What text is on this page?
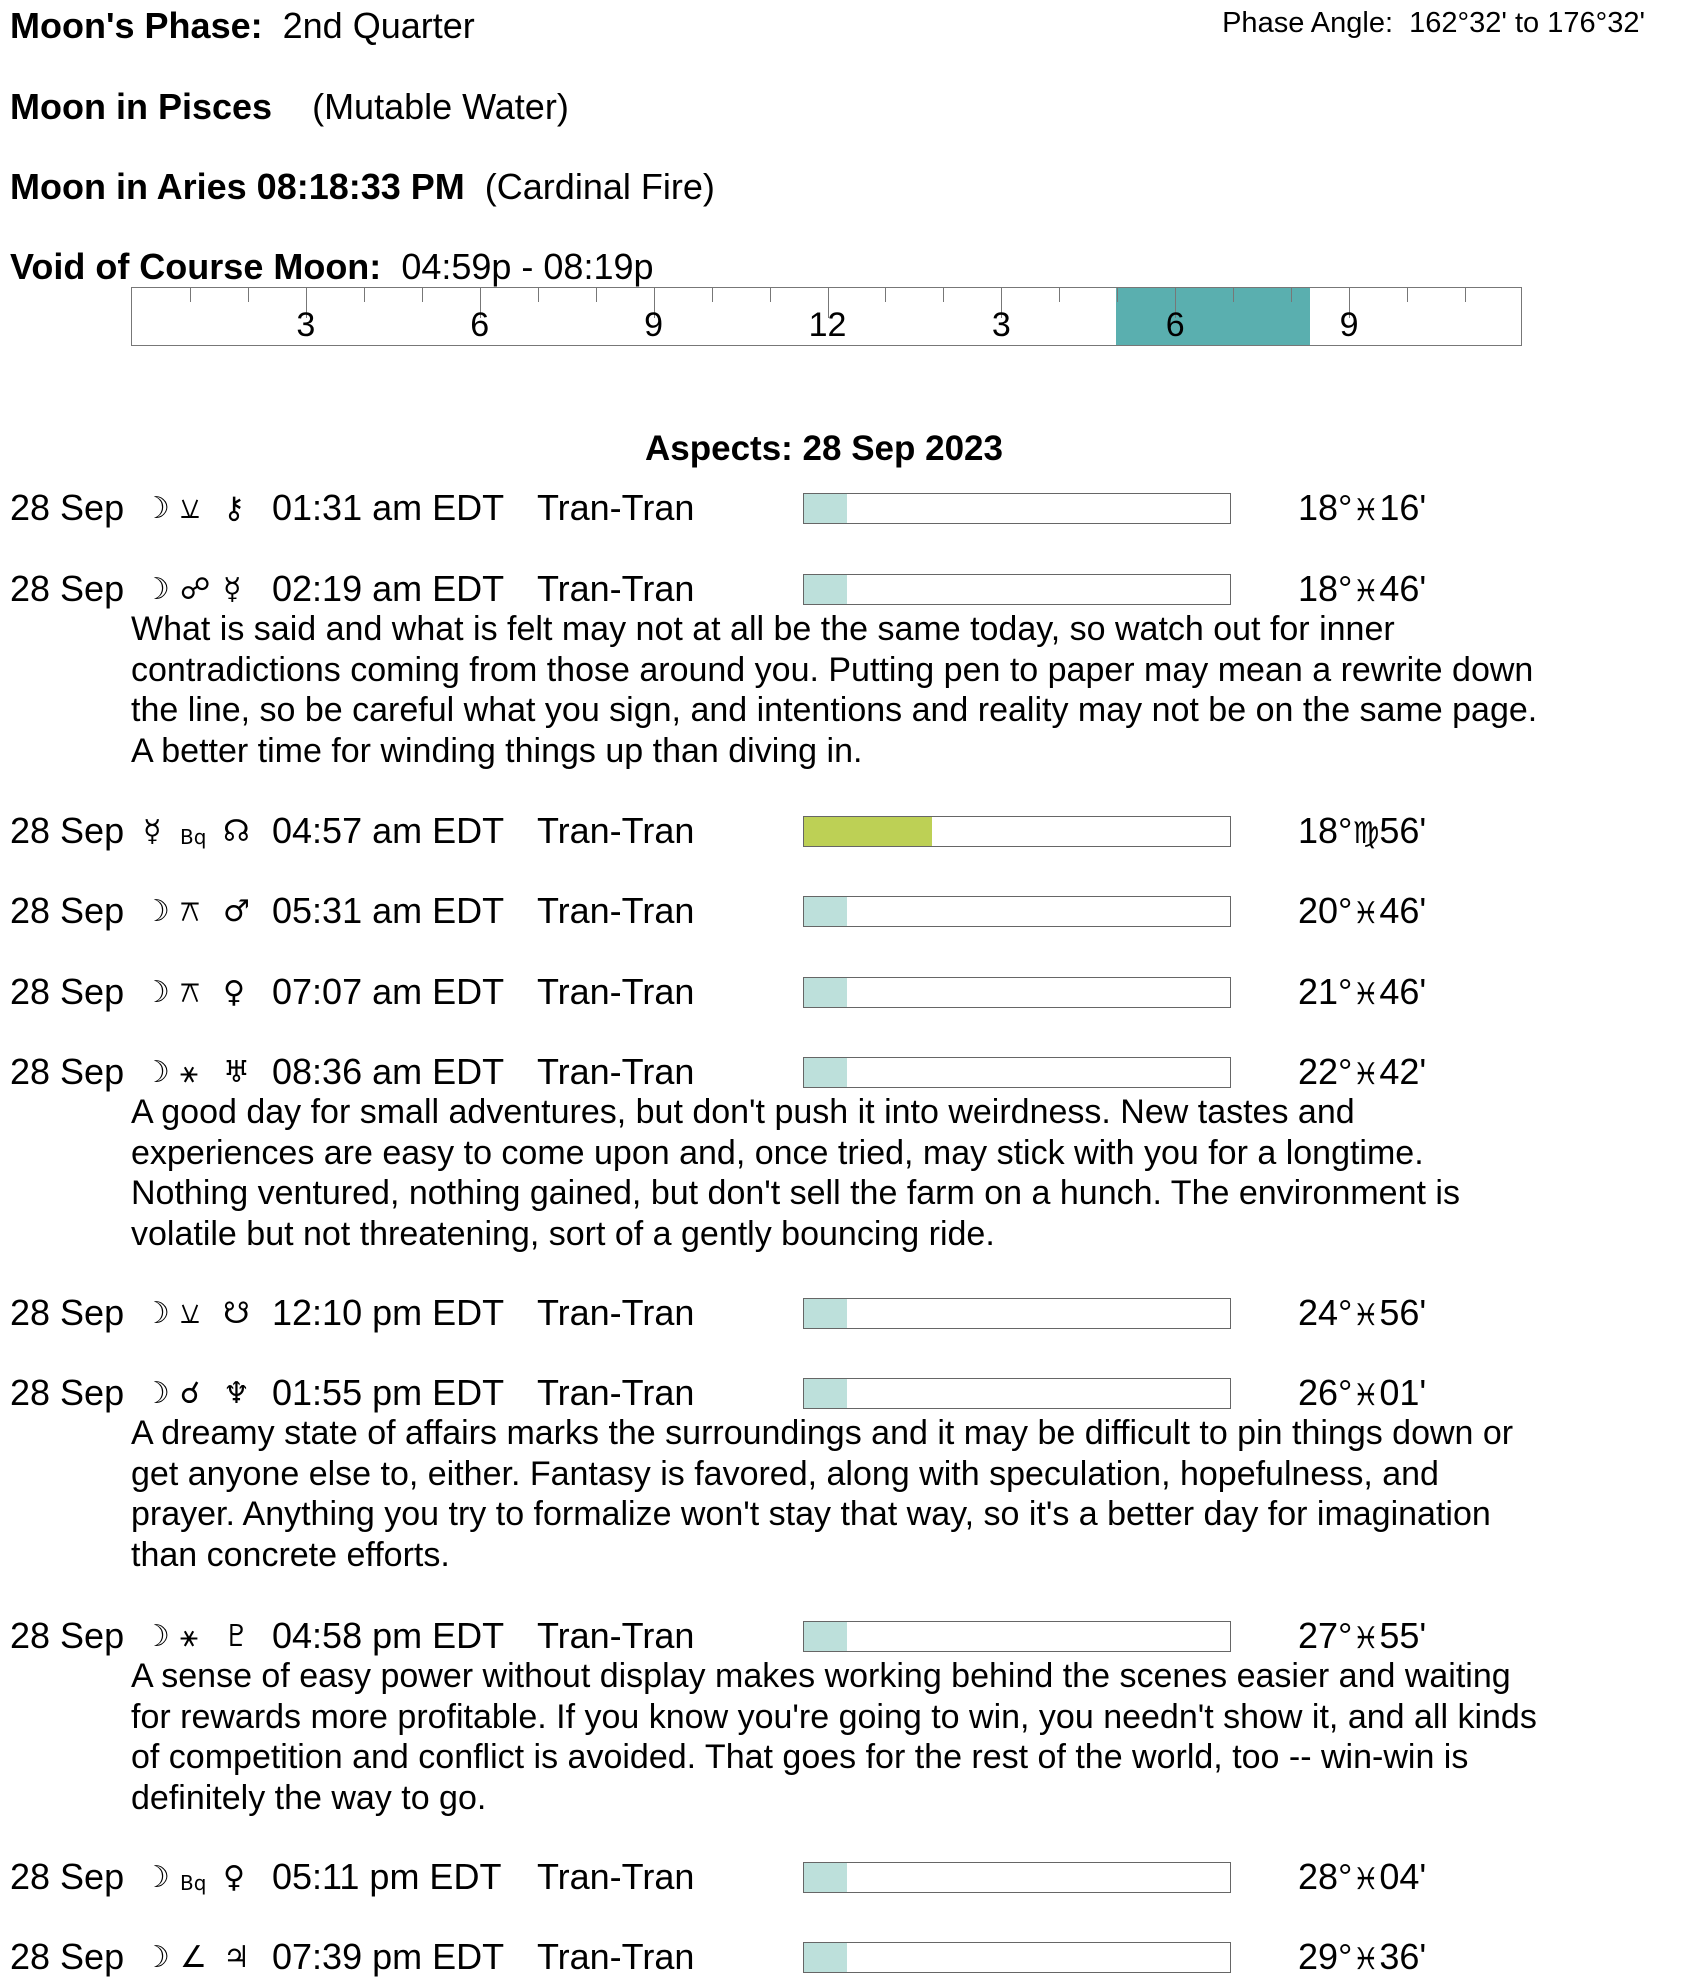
Moon's Phase: 2nd Quarter	Phase Angle: 162°32' to 176°32'
Moon in Pisces (Mutable Water)
Moon in Aries 08:18:33 PM (Cardinal Fire)
Void of Course Moon: 04:59p - 08:19p
3	6	9	12	3	6	9
Aspects: 28 Sep 2023
28 Sep ☽ ⚺ ⚷ 01:31 am EDT Tran-Tran	18°♓16'
28 Sep ☽ ☍ ☿ 02:19 am EDT Tran-Tran	18°♓46'
What is said and what is felt may not at all be the same today, so watch out for inner
contradictions coming from those around you. Putting pen to paper may mean a rewrite down
the line, so be careful what you sign, and intentions and reality may not be on the same page.
A better time for winding things up than diving in.
28 Sep ☿ Bq ☊ 04:57 am EDT Tran-Tran	18°♍56'
28 Sep ☽ ⚻ ♂ 05:31 am EDT Tran-Tran	20°♓46'
28 Sep ☽ ⚻ ♀ 07:07 am EDT Tran-Tran	21°♓46'
28 Sep ☽ ⚹ ♅ 08:36 am EDT Tran-Tran	22°♓42'
A good day for small adventures, but don't push it into weirdness. New tastes and
experiences are easy to come upon and, once tried, may stick with you for a longtime.
Nothing ventured, nothing gained, but don't sell the farm on a hunch. The environment is
volatile but not threatening, sort of a gently bouncing ride.
28 Sep ☽ ⚺ ☋ 12:10 pm EDT Tran-Tran	24°♓56'
28 Sep ☽ ☌ ♆ 01:55 pm EDT Tran-Tran	26°♓01'
A dreamy state of affairs marks the surroundings and it may be difficult to pin things down or
get anyone else to, either. Fantasy is favored, along with speculation, hopefulness, and
prayer. Anything you try to formalize won't stay that way, so it's a better day for imagination
than concrete efforts.
28 Sep ☽ ⚹ ♇ 04:58 pm EDT Tran-Tran	27°♓55'
A sense of easy power without display makes working behind the scenes easier and waiting
for rewards more profitable. If you know you're going to win, you needn't show it, and all kinds
of competition and conflict is avoided. That goes for the rest of the world, too -- win-win is
definitely the way to go.
28 Sep ☽ Bq ♀ 05:11 pm EDT Tran-Tran	28°♓04'
28 Sep ☽ ∠ ♃ 07:39 pm EDT Tran-Tran	29°♓36'
